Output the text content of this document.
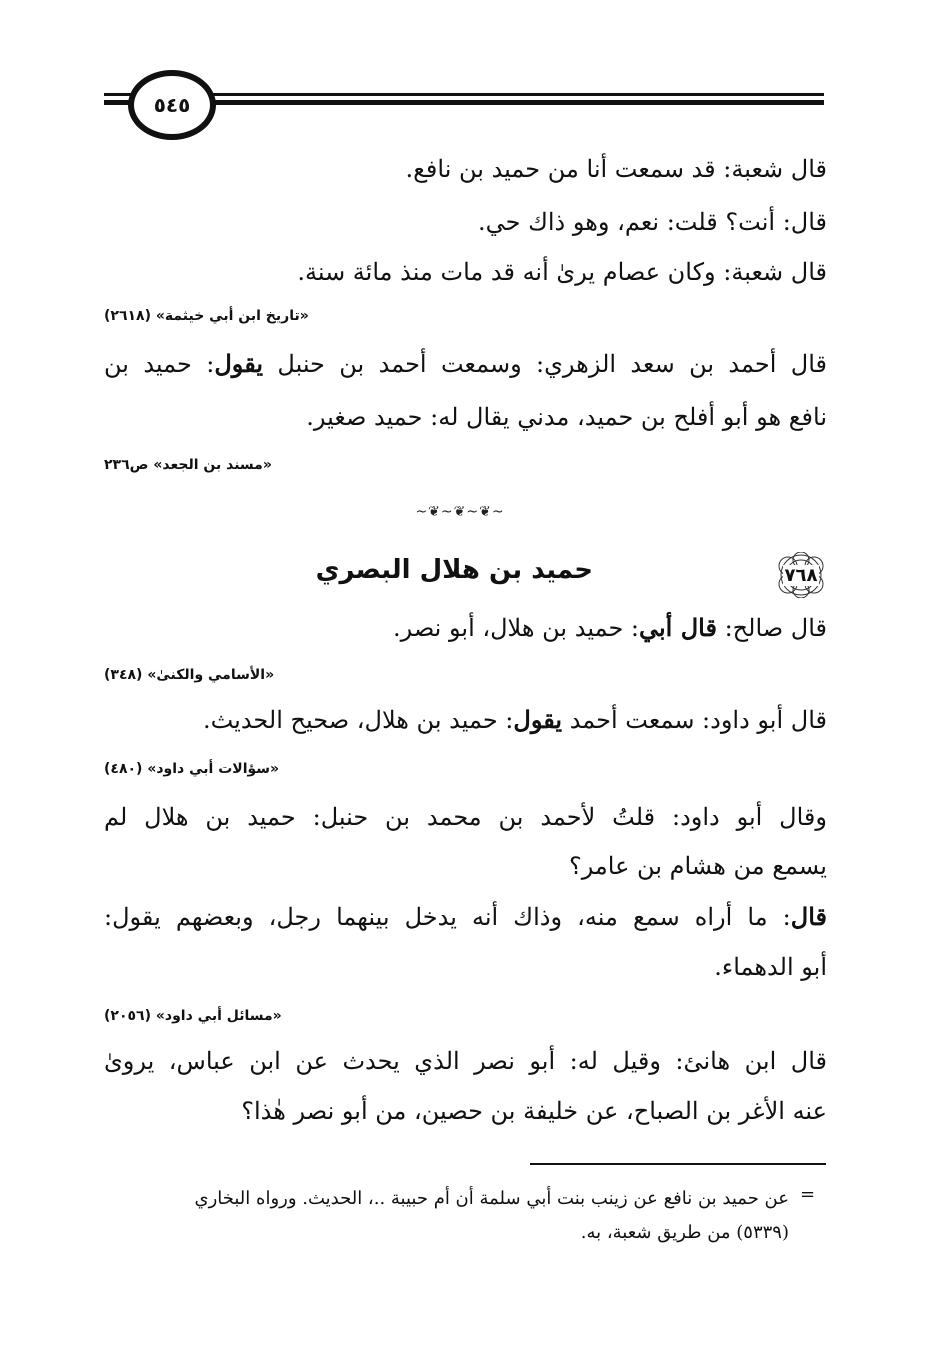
٥٤٥
قال شعبة: قد سمعت أنا من حميد بن نافع.
قال: أنت؟ قلت: نعم، وهو ذاك حي.
قال شعبة: وكان عصام يرىٰ أنه قد مات منذ مائة سنة.
«تاريخ ابن أبي خيثمة» (٢٦١٨)
قال أحمد بن سعد الزهري: وسمعت أحمد بن حنبل يقول: حميد بن
نافع هو أبو أفلح بن حميد، مدني يقال له: حميد صغير.
«مسند بن الجعد» ص٢٣٦
~❦~❦~❦~
٧٦٨
حميد بن هلال البصري
قال صالح: قال أبي: حميد بن هلال، أبو نصر.
«الأسامي والكنىٰ» (٣٤٨)
قال أبو داود: سمعت أحمد يقول: حميد بن هلال، صحيح الحديث.
«سؤالات أبي داود» (٤٨٠)
وقال أبو داود: قلتُ لأحمد بن محمد بن حنبل: حميد بن هلال لم
يسمع من هشام بن عامر؟
قال: ما أراه سمع منه، وذاك أنه يدخل بينهما رجل، وبعضهم يقول:
أبو الدهماء.
«مسائل أبي داود» (٢٠٥٦)
قال ابن هانئ: وقيل له: أبو نصر الذي يحدث عن ابن عباس، يروىٰ
عنه الأغر بن الصباح، عن خليفة بن حصين، من أبو نصر هٰذا؟
=
عن حميد بن نافع عن زينب بنت أبي سلمة أن أم حبيبة ..، الحديث. ورواه البخاري
(٥٣٣٩) من طريق شعبة، به.
